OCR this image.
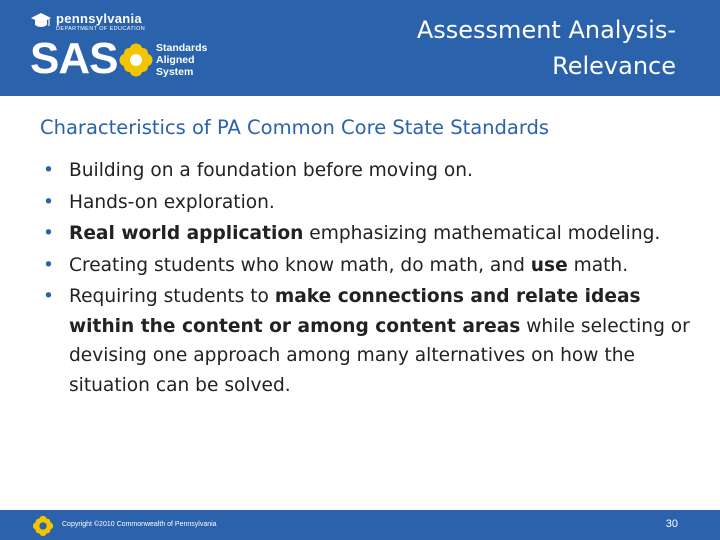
pennsylvania
DEPARTMENT OF EDUCATION
SAS	Standards
Aligned
System
Assessment Analysis-
Relevance
Characteristics of PA Common Core State Standards
• Building on a foundation before moving on.
• Hands-on exploration.
• Real world application emphasizing mathematical modeling.
• Creating students who know math, do math, and use math.
• Requiring students to make connections and relate ideas within the content or among content areas while selecting or devising one approach among many alternatives on how the situation can be solved.
Copyright ©2010 Commonwealth of Pennsylvania	30
